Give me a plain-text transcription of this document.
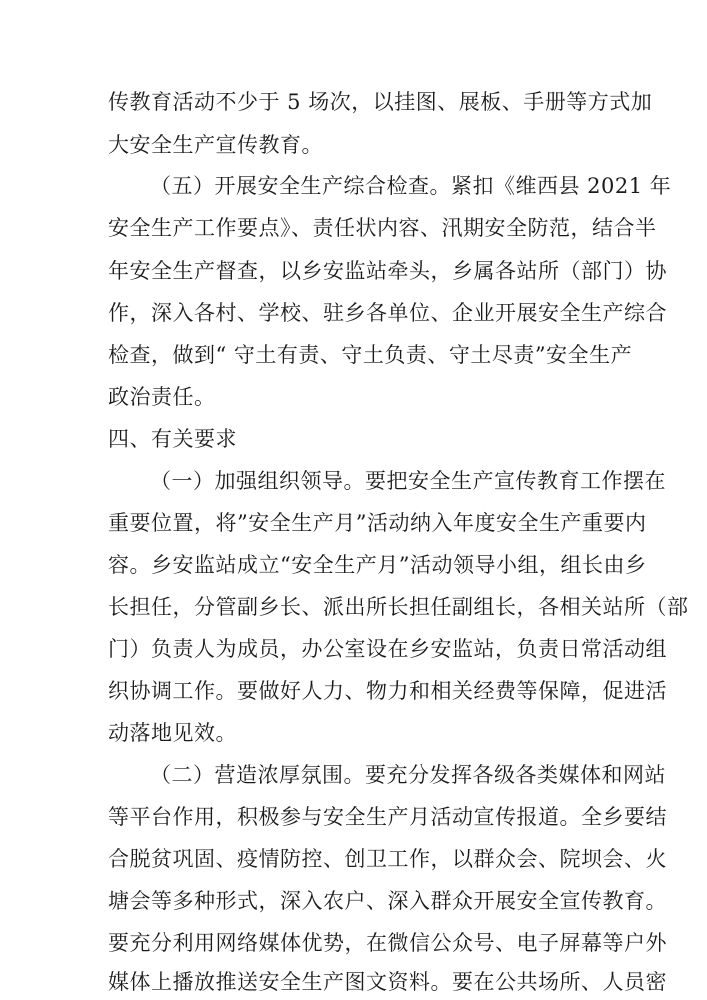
传教育活动不少于 5 场次，以挂图、展板、手册等方式加
大安全生产宣传教育。
（五）开展安全生产综合检查。紧扣《维西县 2021 年
安全生产工作要点》、责任状内容、汛期安全防范，结合半
年安全生产督查，以乡安监站牵头，乡属各站所（部门）协
作，深入各村、学校、驻乡各单位、企业开展安全生产综合
检查，做到“ 守土有责、守土负责、守土尽责”安全生产
政治责任。
四、有关要求
（一）加强组织领导。要把安全生产宣传教育工作摆在
重要位置，将”安全生产月”活动纳入年度安全生产重要内
容。乡安监站成立“安全生产月”活动领导小组，组长由乡
长担任，分管副乡长、派出所长担任副组长，各相关站所（部
门）负责人为成员，办公室设在乡安监站，负责日常活动组
织协调工作。要做好人力、物力和相关经费等保障，促进活
动落地见效。
（二）营造浓厚氛围。要充分发挥各级各类媒体和网站
等平台作用，积极参与安全生产月活动宣传报道。全乡要结
合脱贫巩固、疫情防控、创卫工作，以群众会、院坝会、火
塘会等多种形式，深入农户、深入群众开展安全宣传教育。
要充分利用网络媒体优势，在微信公众号、电子屏幕等户外
媒体上播放推送安全生产图文资料。要在公共场所、人员密
